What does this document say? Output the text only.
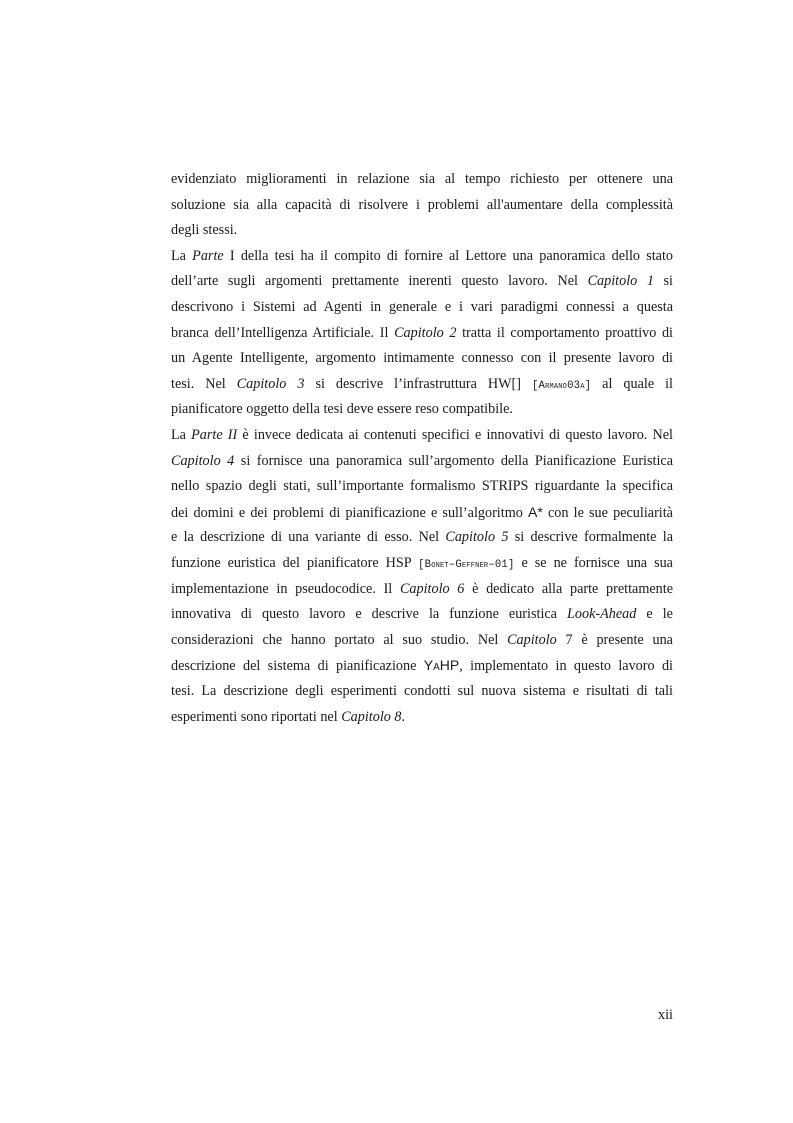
evidenziato miglioramenti in relazione sia al tempo richiesto per ottenere una
soluzione sia alla capacità di risolvere i problemi all'aumentare della complessità
degli stessi.
La Parte I della tesi ha il compito di fornire al Lettore una panoramica dello stato
dell’arte sugli argomenti prettamente inerenti questo lavoro. Nel Capitolo 1 si
descrivono i Sistemi ad Agenti in generale e i vari paradigmi connessi a questa
branca dell’Intelligenza Artificiale. Il Capitolo 2 tratta il comportamento proattivo di
un Agente Intelligente, argomento intimamente connesso con il presente lavoro di
tesi. Nel Capitolo 3 si descrive l’infrastruttura HW[] [Armano03a] al quale il
pianificatore oggetto della tesi deve essere reso compatibile.
La Parte II è invece dedicata ai contenuti specifici e innovativi di questo lavoro. Nel
Capitolo 4 si fornisce una panoramica sull’argomento della Pianificazione Euristica
nello spazio degli stati, sull’importante formalismo STRIPS riguardante la specifica
dei domini e dei problemi di pianificazione e sull’algoritmo A* con le sue peculiarità
e la descrizione di una variante di esso. Nel Capitolo 5 si descrive formalmente la
funzione euristica del pianificatore HSP [Bonet–Geffner–01] e se ne fornisce una sua
implementazione in pseudocodice. Il Capitolo 6 è dedicato alla parte prettamente
innovativa di questo lavoro e descrive la funzione euristica Look-Ahead e le
considerazioni che hanno portato al suo studio. Nel Capitolo 7 è presente una
descrizione del sistema di pianificazione YaHP, implementato in questo lavoro di
tesi. La descrizione degli esperimenti condotti sul nuova sistema e risultati di tali
esperimenti sono riportati nel Capitolo 8.
xii
